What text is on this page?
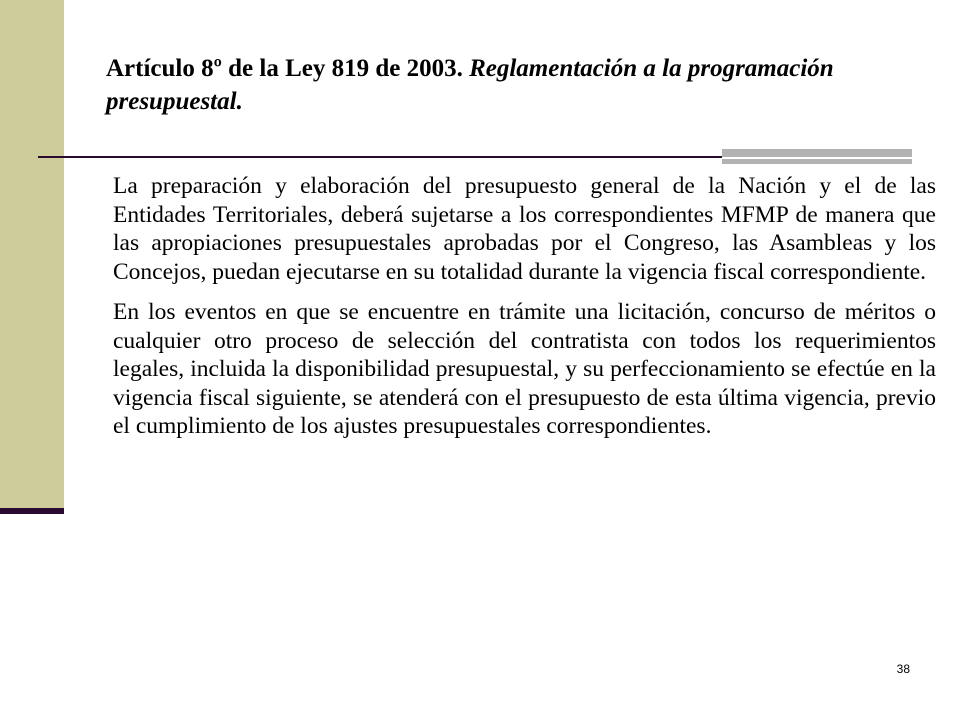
Artículo 8º de la Ley 819 de 2003. Reglamentación a la programación presupuestal.

La preparación y elaboración del presupuesto general de la Nación y el de las Entidades Territoriales, deberá sujetarse a los correspondientes MFMP de manera que las apropiaciones presupuestales aprobadas por el Congreso, las Asambleas y los Concejos, puedan ejecutarse en su totalidad durante la vigencia fiscal correspondiente.

En los eventos en que se encuentre en trámite una licitación, concurso de méritos o cualquier otro proceso de selección del contratista con todos los requerimientos legales, incluida la disponibilidad presupuestal, y su perfeccionamiento se efectúe en la vigencia fiscal siguiente, se atenderá con el presupuesto de esta última vigencia, previo el cumplimiento de los ajustes presupuestales correspondientes.

38
